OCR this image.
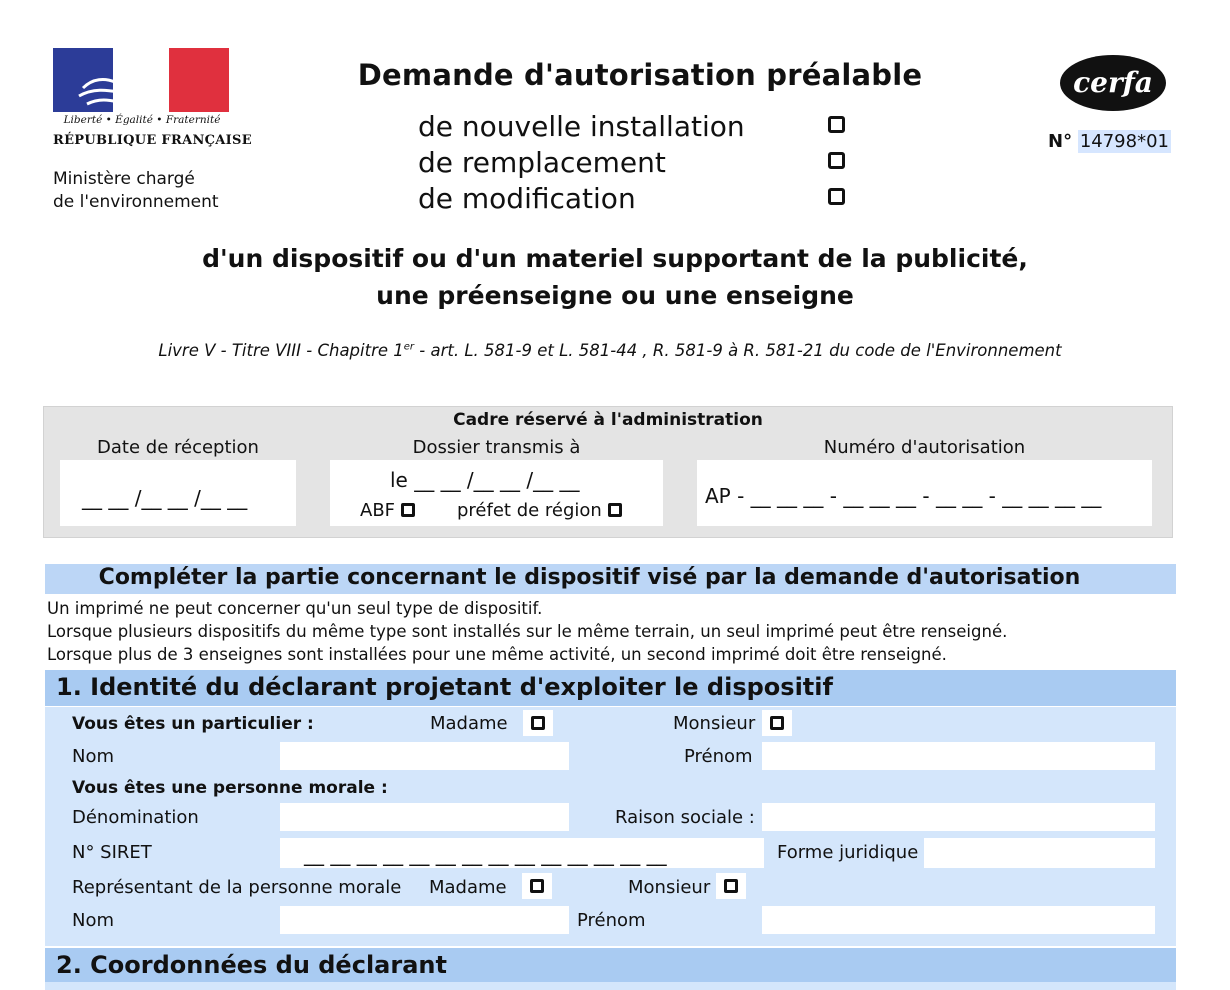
Liberté • Égalité • Fraternité
RÉPUBLIQUE FRANÇAISE
Ministère chargé
de l'environnement
Demande d'autorisation préalable
de nouvelle installation
de remplacement
de modification
cerfa
N° 14798*01
d'un dispositif ou d'un materiel supportant de la publicité,
une préenseigne ou une enseigne
Livre V - Titre VIII - Chapitre 1er - art. L. 581-9 et L. 581-44 , R. 581-9 à R. 581-21 du code de l'Environnement
Cadre réservé à l'administration
Date de réception
__ __ /__ __ /__ __
Dossier transmis à
le __ __ /__ __ /__ __
ABF	préfet de région
Numéro d'autorisation
AP - __ __ __ - __ __ __ - __ __ - __ __ __ __
Compléter la partie concernant le dispositif visé par la demande d'autorisation
Un imprimé ne peut concerner qu'un seul type de dispositif.
Lorsque plusieurs dispositifs du même type sont installés sur le même terrain, un seul imprimé peut être renseigné.
Lorsque plus de 3 enseignes sont installées pour une même activité, un second imprimé doit être renseigné.
1. Identité du déclarant projetant d'exploiter le dispositif
Vous êtes un particulier :	Madame	Monsieur
Nom	Prénom
Vous êtes une personne morale :
Dénomination	Raison sociale :
N° SIRET	__ __ __ __ __ __ __ __ __ __ __ __ __ __	Forme juridique
Représentant de la personne morale Madame	Monsieur
Nom	Prénom
2. Coordonnées du déclarant
